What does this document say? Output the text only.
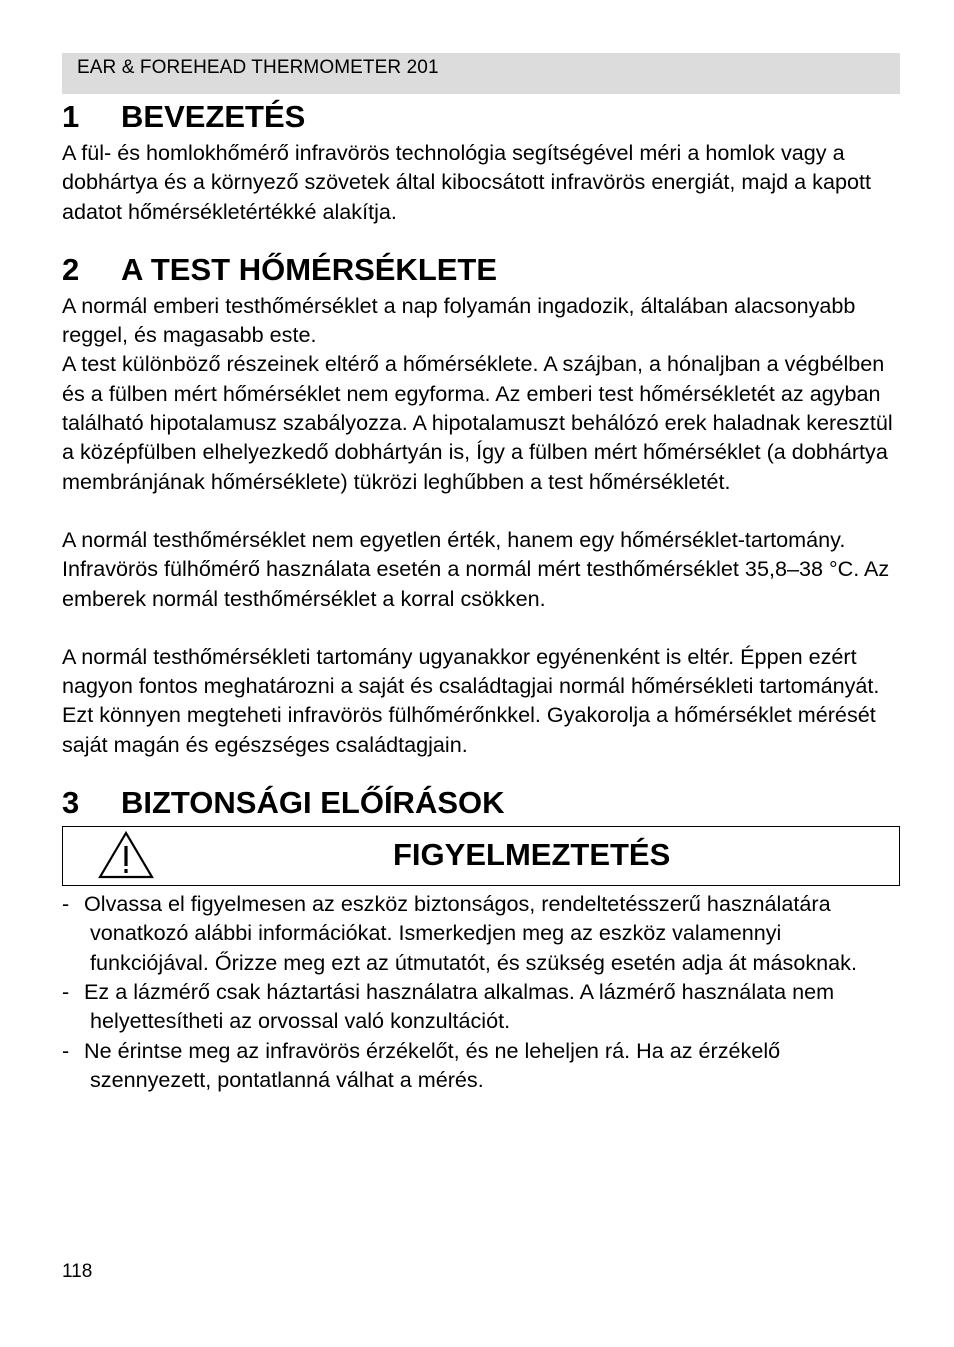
EAR & FOREHEAD THERMOMETER 201
1	BEVEZETÉS

A fül- és homlokhőmérő infravörös technológia segítségével méri a homlok vagy a dobhártya és a környező szövetek által kibocsátott infravörös energiát, majd a kapott adatot hőmérsékletértékké alakítja.

2	A TEST HŐMÉRSÉKLETE

A normál emberi testhőmérséklet a nap folyamán ingadozik, általában alacsonyabb reggel, és magasabb este.

A test különböző részeinek eltérő a hőmérséklete. A szájban, a hónaljban a végbélben és a fülben mért hőmérséklet nem egyforma. Az emberi test hőmérsékletét az agyban található hipotalamusz szabályozza. A hipotalamuszt behálózó erek haladnak keresztül a középfülben elhelyezkedő dobhártyán is, Így a fülben mért hőmérséklet (a dobhártya membránjának hőmérséklete) tükrözi leghűbben a test hőmérsékletét.

A normál testhőmérséklet nem egyetlen érték, hanem egy hőmérséklet-tartomány.

Infravörös fülhőmérő használata esetén a normál mért testhőmérséklet 35,8–38 °C. Az emberek normál testhőmérséklet a korral csökken.

A normál testhőmérsékleti tartomány ugyanakkor egyénenként is eltér. Éppen ezért nagyon fontos meghatározni a saját és családtagjai normál hőmérsékleti tartományát. Ezt könnyen megteheti infravörös fülhőmérőnkkel. Gyakorolja a hőmérséklet mérését saját magán és egészséges családtagjain.

3	BIZTONSÁGI ELŐÍRÁSOK
FIGYELMEZTETÉS
- Olvassa el figyelmesen az eszköz biztonságos, rendeltetésszerű használatára vonatkozó alábbi információkat. Ismerkedjen meg az eszköz valamennyi funkciójával. Őrizze meg ezt az útmutatót, és szükség esetén adja át másoknak.
- Ez a lázmérő csak háztartási használatra alkalmas. A lázmérő használata nem helyettesítheti az orvossal való konzultációt.
- Ne érintse meg az infravörös érzékelőt, és ne leheljen rá. Ha az érzékelő szennyezett, pontatlanná válhat a mérés.
118
